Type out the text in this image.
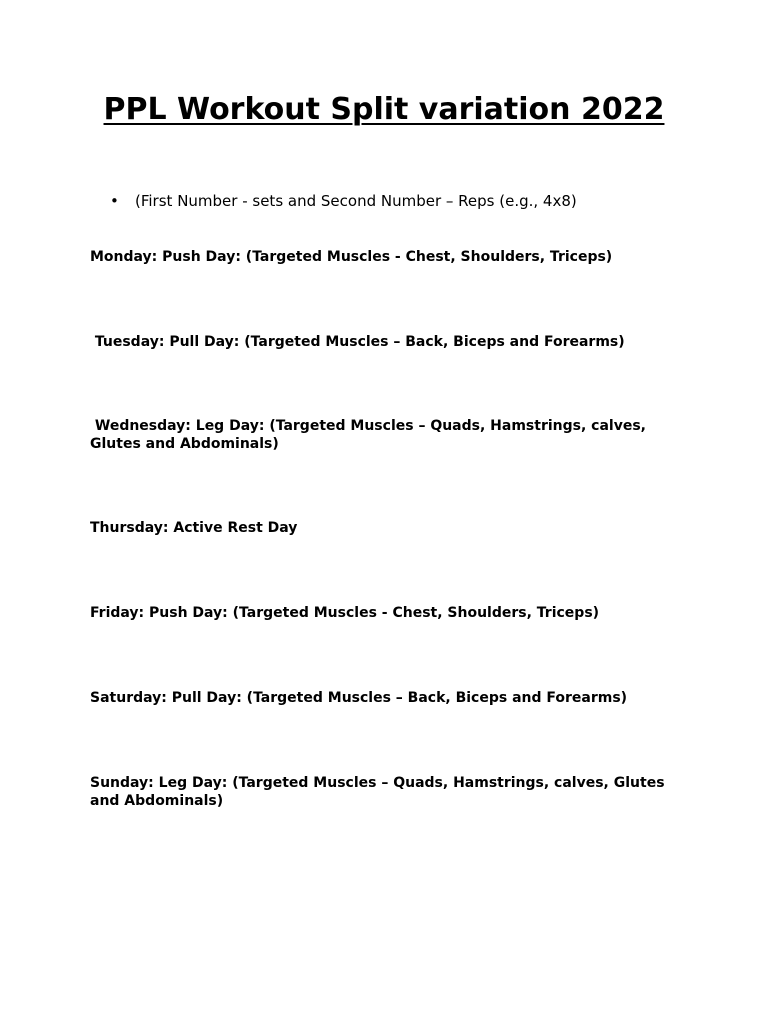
PPL Workout Split variation 2022
•	(First Number - sets and Second Number – Reps (e.g., 4x8)

Monday: Push Day: (Targeted Muscles - Chest, Shoulders, Triceps)

Tuesday: Pull Day: (Targeted Muscles – Back, Biceps and Forearms)

Wednesday: Leg Day: (Targeted Muscles – Quads, Hamstrings, calves, Glutes and Abdominals)

Thursday: Active Rest Day

Friday: Push Day: (Targeted Muscles - Chest, Shoulders, Triceps)

Saturday: Pull Day: (Targeted Muscles – Back, Biceps and Forearms)

Sunday: Leg Day: (Targeted Muscles – Quads, Hamstrings, calves, Glutes and Abdominals)
